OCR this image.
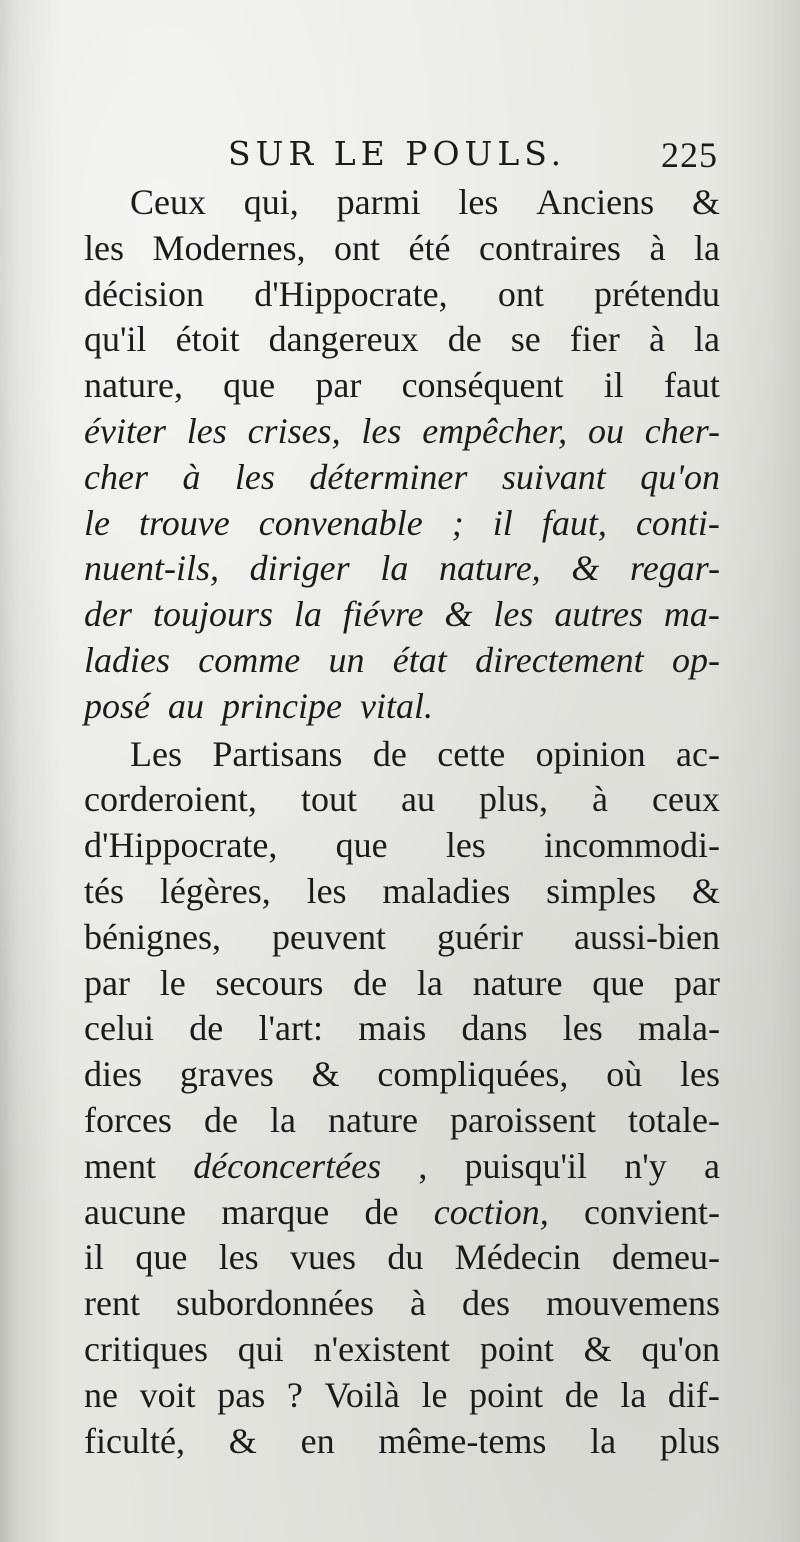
SUR LE POULS.	225
Ceux qui, parmi les Anciens &
les Modernes, ont été contraires à la
décision d'Hippocrate, ont prétendu
qu'il étoit dangereux de se fier à la
nature, que par conséquent il faut
éviter les crises, les empêcher, ou cher-
cher à les déterminer suivant qu'on
le trouve convenable ; il faut, conti-
nuent-ils, diriger la nature, & regar-
der toujours la fiévre & les autres ma-
ladies comme un état directement op-
posé
au
principe
vital.
Les Partisans de cette opinion ac-
corderoient, tout au plus, à ceux
d'Hippocrate, que les incommodi-
tés légères, les maladies simples &
bénignes, peuvent guérir aussi-bien
par le secours de la nature que par
celui de l'art: mais dans les mala-
dies graves & compliquées, où les
forces de la nature paroissent totale-
ment déconcertées , puisqu'il n'y a
aucune marque de coction, convient-
il que les vues du Médecin demeu-
rent subordonnées à des mouvemens
critiques qui n'existent point & qu'on
ne voit pas ? Voilà le point de la dif-
ficulté, & en même-tems la plus
